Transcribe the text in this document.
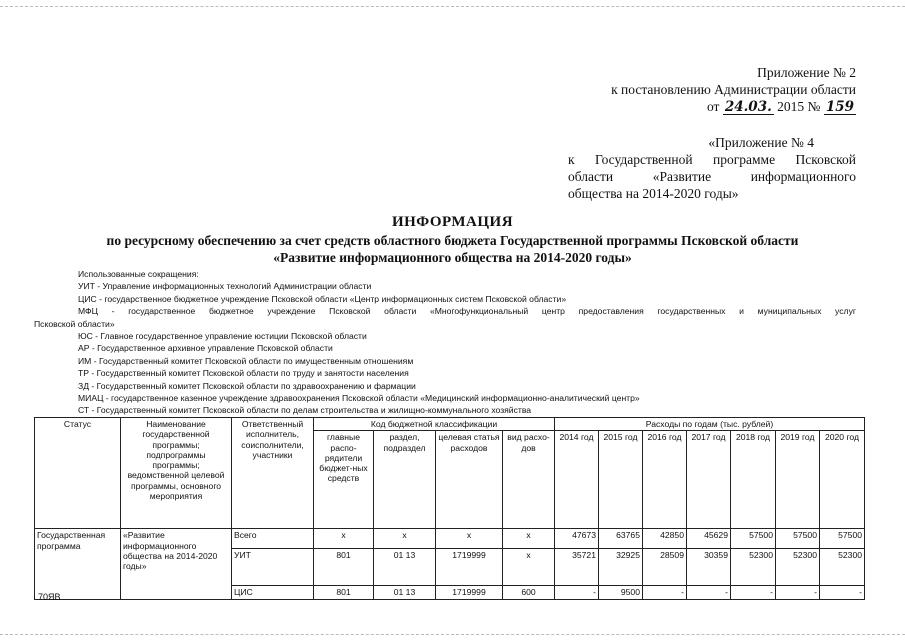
Приложение № 2
к постановлению Администрации области
от 24.03. 2015 № 159
«Приложение № 4
к Государственной программе Псковской
области «Развитие информационного
общества на 2014-2020 годы»
ИНФОРМАЦИЯ
по ресурсному обеспечению за счет средств областного бюджета Государственной программы Псковской области
«Развитие информационного общества на 2014-2020 годы»
Использованные сокращения:
УИТ - Управление информационных технологий Администрации области
ЦИС - государственное бюджетное учреждение Псковской области «Центр информационных систем Псковской области»
МФЦ - государственное бюджетное учреждение Псковской области «Многофункциональный центр предоставления государственных и муниципальных услуг
Псковской области»
ЮС - Главное государственное управление юстиции Псковской области
АР - Государственное архивное управление Псковской области
ИМ - Государственный комитет Псковской области по имущественным отношениям
ТР - Государственный комитет Псковской области по труду и занятости населения
ЗД - Государственный комитет Псковской области по здравоохранению и фармации
МИАЦ - государственное казенное учреждение здравоохранения Псковской области «Медицинский информационно-аналитический центр»
СТ - Государственный комитет Псковской области по делам строительства и жилищно-коммунального хозяйства
Статус	Наименование государственной программы; подпрограммы программы; ведомственной целевой программы, основного мероприятия	Ответственный исполнитель, соисполнители, участники	Код бюджетной классификации				Расходы по годам (тыс. рублей)						
			главные распо-рядители бюджет-ных средств	раздел, подраздел	целевая статья расходов	вид расхо-дов	2014 год	2015 год	2016 год	2017 год	2018 год	2019 год	2020 год
Государственная программа	«Развитие информационного общества на 2014-2020 годы»	Всего	х	х	х	х	47673	63765	42850	45629	57500	57500	57500
		УИТ	801	01 13	1719999	х	35721	32925	28509	30359	52300	52300	52300
		ЦИС	801	01 13	1719999	600	-	9500	-	-	-	-	-
70ЯВ
